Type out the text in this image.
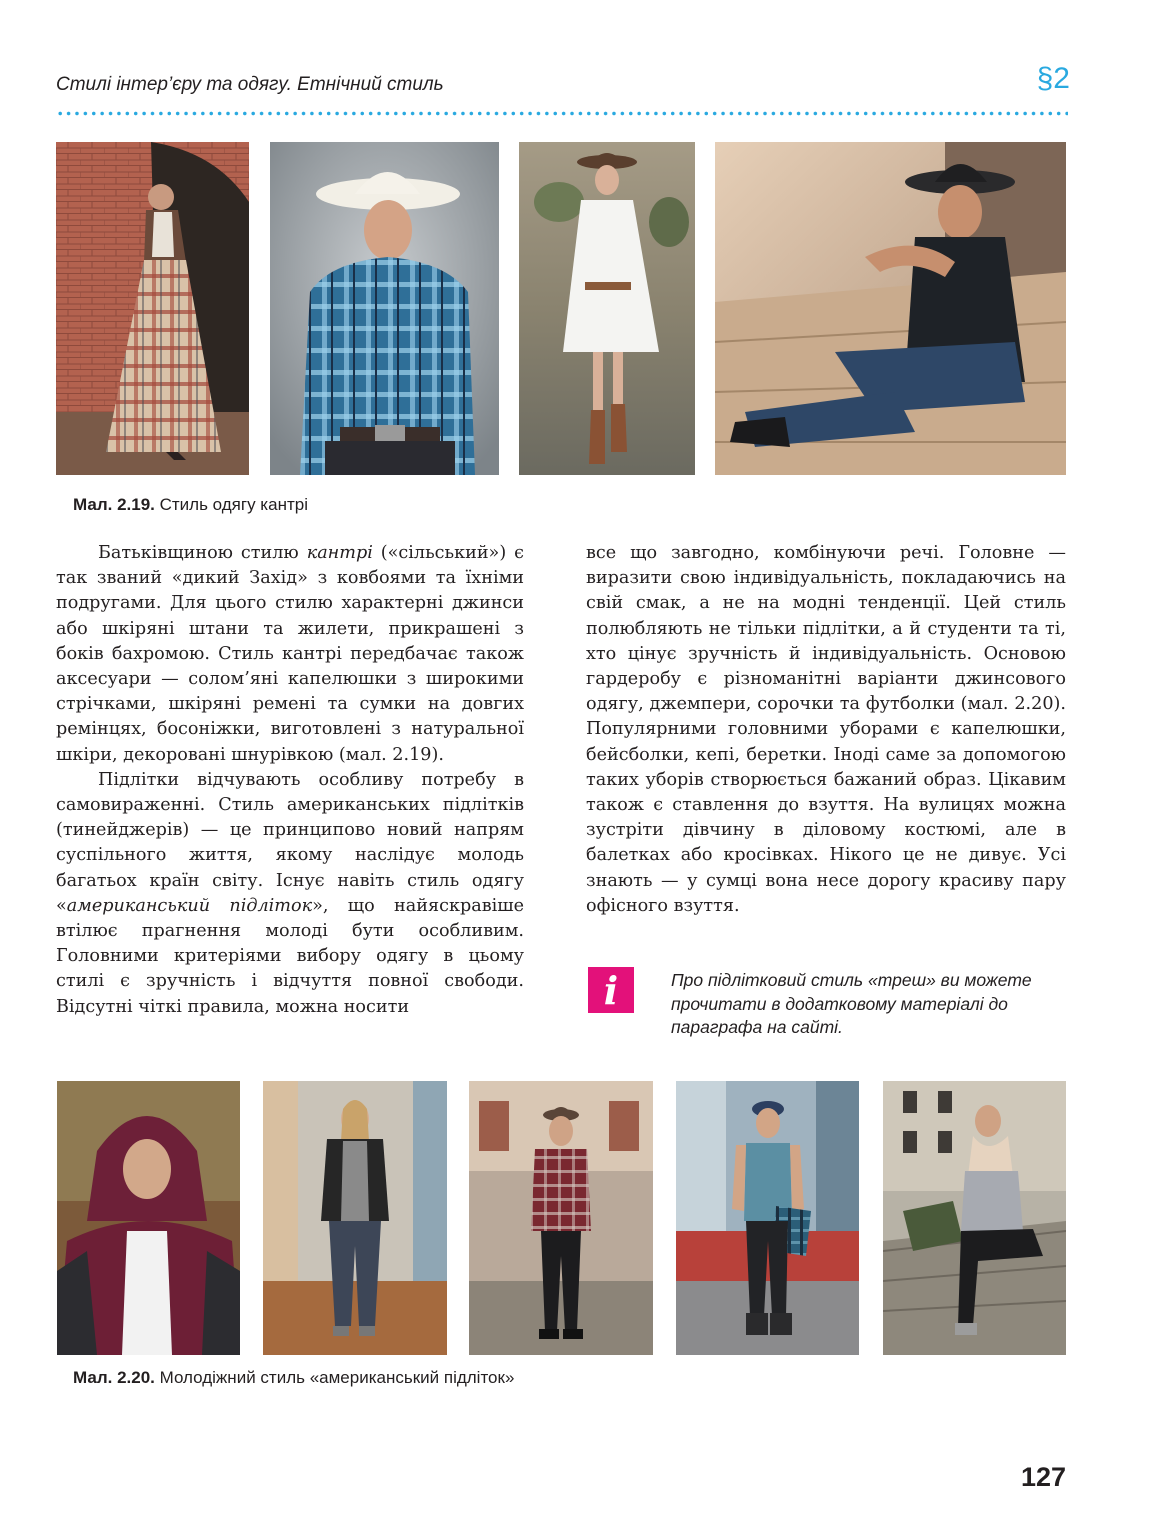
Стилі інтер’єру та одягу. Етнічний стиль	§2
Мал. 2.19. Стиль одягу кантрі

Батьківщиною стилю кантрі («сільський») є так званий «дикий Захід» з ковбоями та їхніми подругами. Для цього стилю характерні джинси або шкіряні штани та жилети, прикрашені з боків бахромою. Стиль кантрі передбачає також аксесуари — солом’яні капелюшки з широкими стрічками, шкіряні ремені та сумки на довгих ремінцях, босоніжки, виготовлені з натуральної шкіри, декоровані шнурівкою (мал. 2.19).

Підлітки відчувають особливу потребу в самовираженні. Стиль американських підлітків (тинейджерів) — це принципово новий напрям суспільного життя, якому наслідує молодь багатьох країн світу. Існує навіть стиль одягу «американський підліток», що найяскравіше втілює прагнення молоді бути особливим. Головними критеріями вибору одягу в цьому стилі є зручність і відчуття повної свободи. Відсутні чіткі правила, можна носити

все що завгодно, комбінуючи речі. Головне — виразити свою індивідуальність, покладаючись на свій смак, а не на модні тенденції. Цей стиль полюбляють не тільки підлітки, а й студенти та ті, хто цінує зручність й індивідуальність. Основою гардеробу є різноманітні варіанти джинсового одягу, джемпери, сорочки та футболки (мал. 2.20). Популярними головними уборами є капелюшки, бейсболки, кепі, беретки. Іноді саме за допомогою таких уборів створюється бажаний образ. Цікавим також є ставлення до взуття. На вулицях можна зустріти дівчину в діловому костюмі, але в балетках або кросівках. Нікого це не дивує. Усі знають — у сумці вона несе дорогу красиву пару офісного взуття.

i	Про підлітковий стиль «треш» ви можете прочитати в додатковому матеріалі до параграфа на сайті.
Мал. 2.20. Молодіжний стиль «американський підліток»
127
